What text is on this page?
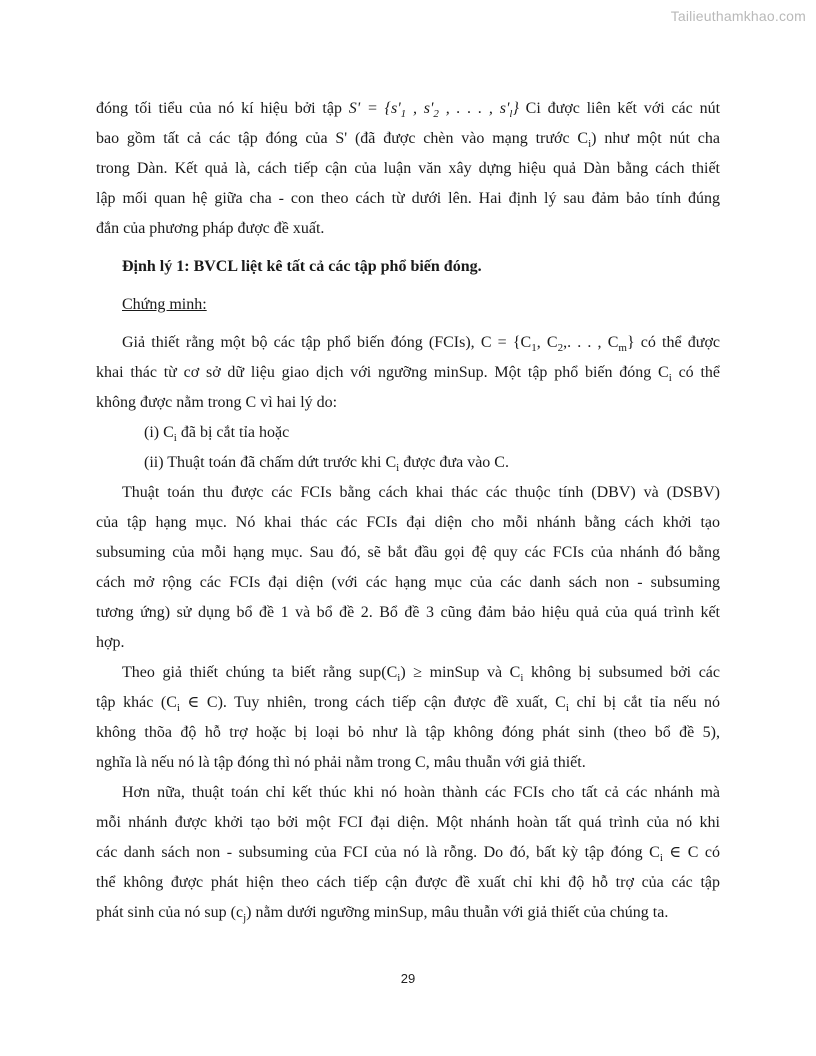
Tailieuthamkhao.com
đóng tối tiểu của nó kí hiệu bởi tập $S' = \{s'_1$ , $s'_2$ , . . . , $s'_l$} Ci được liên kết với các nút
bao gồm tất cả các tập đóng của S' (đã được chèn vào mạng trước $C_i$) như một nút cha
trong Dàn. Kết quả là, cách tiếp cận của luận văn xây dựng hiệu quả Dàn bằng cách thiết
lập mối quan hệ giữa cha - con theo cách từ dưới lên. Hai định lý sau đảm bảo tính đúng
đắn của phương pháp được đề xuất.
Định lý 1: BVCL liệt kê tất cả các tập phổ biến đóng.
Chứng minh:
Giả thiết rằng một bộ các tập phổ biến đóng (FCIs), $C = \{C_1$, $C_2$,. . . , $C_m$} có thể được
khai thác từ cơ sở dữ liệu giao dịch với ngưỡng minSup. Một tập phổ biến đóng $C_i$ có thể
không được nằm trong C vì hai lý do:
(i) $C_i$ đã bị cắt tỉa hoặc
(ii) Thuật toán đã chấm dứt trước khi $C_i$ được đưa vào C.
Thuật toán thu được các FCIs bằng cách khai thác các thuộc tính (DBV) và (DSBV)
của tập hạng mục. Nó khai thác các FCIs đại diện cho mỗi nhánh bằng cách khởi tạo
subsuming của mỗi hạng mục. Sau đó, sẽ bắt đầu gọi đệ quy các FCIs của nhánh đó bằng
cách mở rộng các FCIs đại diện (với các hạng mục của các danh sách non - subsuming
tương ứng) sử dụng bổ đề 1 và bổ đề 2. Bổ đề 3 cũng đảm bảo hiệu quả của quá trình kết
hợp.
Theo giả thiết chúng ta biết rằng $sup(C_i)$ ≥ minSup và $C_i$ không bị subsumed bởi các
tập khác ($C_i$ ∈ C). Tuy nhiên, trong cách tiếp cận được đề xuất, $C_i$ chỉ bị cắt tỉa nếu nó
không thõa độ hỗ trợ hoặc bị loại bỏ như là tập không đóng phát sinh (theo bổ đề 5),
nghĩa là nếu nó là tập đóng thì nó phải nằm trong C, mâu thuẫn với giả thiết.
Hơn nữa, thuật toán chỉ kết thúc khi nó hoàn thành các FCIs cho tất cả các nhánh mà
mỗi nhánh được khởi tạo bởi một FCI đại diện. Một nhánh hoàn tất quá trình của nó khi
các danh sách non - subsuming của FCI của nó là rỗng. Do đó, bất kỳ tập đóng $C_i$ ∈ C có
thể không được phát hiện theo cách tiếp cận được đề xuất chỉ khi độ hỗ trợ của các tập
phát sinh của nó sup $(c_j)$ nằm dưới ngưỡng minSup, mâu thuẫn với giả thiết của chúng ta.
29
